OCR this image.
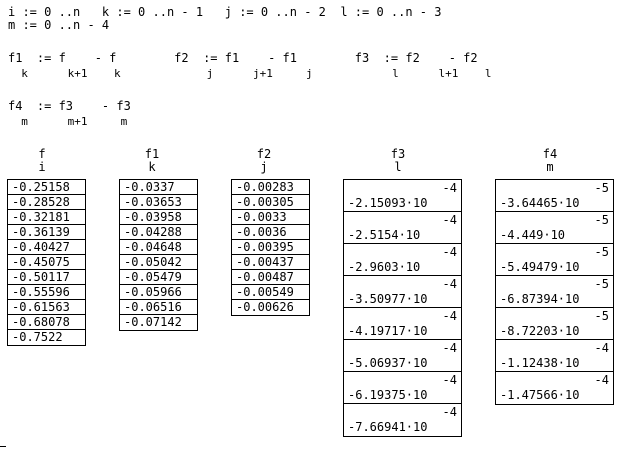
i := 0 ..n   k := 0 ..n - 1   j := 0 ..n - 2  l := 0 ..n - 3
m := 0 ..n - 4
f1  := f    - f        f2  := f1    - f1        f3  := f2    - f2
k      k+1    k             j      j+1     j            l      l+1    l
f4  := f3    - f3
m      m+1     m
f
i
f1
k
f2
j
f3
l
f4
m
-0.25158
-0.28528
-0.32181
-0.36139
-0.40427
-0.45075
-0.50117
-0.55596
-0.61563
-0.68078
-0.7522
-0.0337
-0.03653
-0.03958
-0.04288
-0.04648
-0.05042
-0.05479
-0.05966
-0.06516
-0.07142
-0.00283
-0.00305
-0.0033
-0.0036
-0.00395
-0.00437
-0.00487
-0.00549
-0.00626
-4
-2.15093·10
-4
-2.5154·10
-4
-2.9603·10
-4
-3.50977·10
-4
-4.19717·10
-4
-5.06937·10
-4
-6.19375·10
-4
-7.66941·10
-5
-3.64465·10
-5
-4.449·10
-5
-5.49479·10
-5
-6.87394·10
-5
-8.72203·10
-4
-1.12438·10
-4
-1.47566·10
